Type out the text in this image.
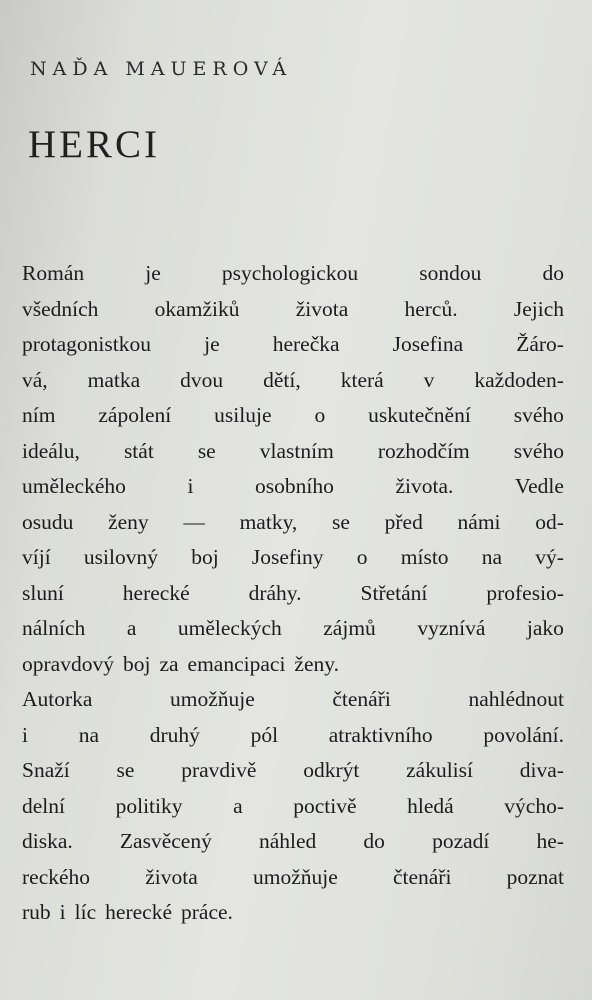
NAĎA MAUEROVÁ
HERCI
Román	je	psychologickou	sondou	do
všedních	okamžiků	života	herců.	Jejich
protagonistkou je herečka Josefina Žáro-
vá, matka dvou dětí, která v každoden-
ním zápolení usiluje o uskutečnění svého
ideálu, stát se vlastním rozhodčím svého
uměleckého	i	osobního	života.	Vedle
osudu ženy — matky, se před námi od-
víjí usilovný boj Josefiny o místo na vý-
sluní	herecké	dráhy.	Střetání	profesio-
nálních a uměleckých zájmů vyznívá jako
opravdový boj za emancipaci ženy.
Autorka	umožňuje	čtenáři	nahlédnout
i na druhý pól atraktivního povolání.
Snaží se pravdivě odkrýt zákulisí diva-
delní politiky a poctivě hledá výcho-
diska. Zasvěcený náhled do pozadí he-
reckého	života	umožňuje	čtenáři	poznat
rub i líc herecké práce.
